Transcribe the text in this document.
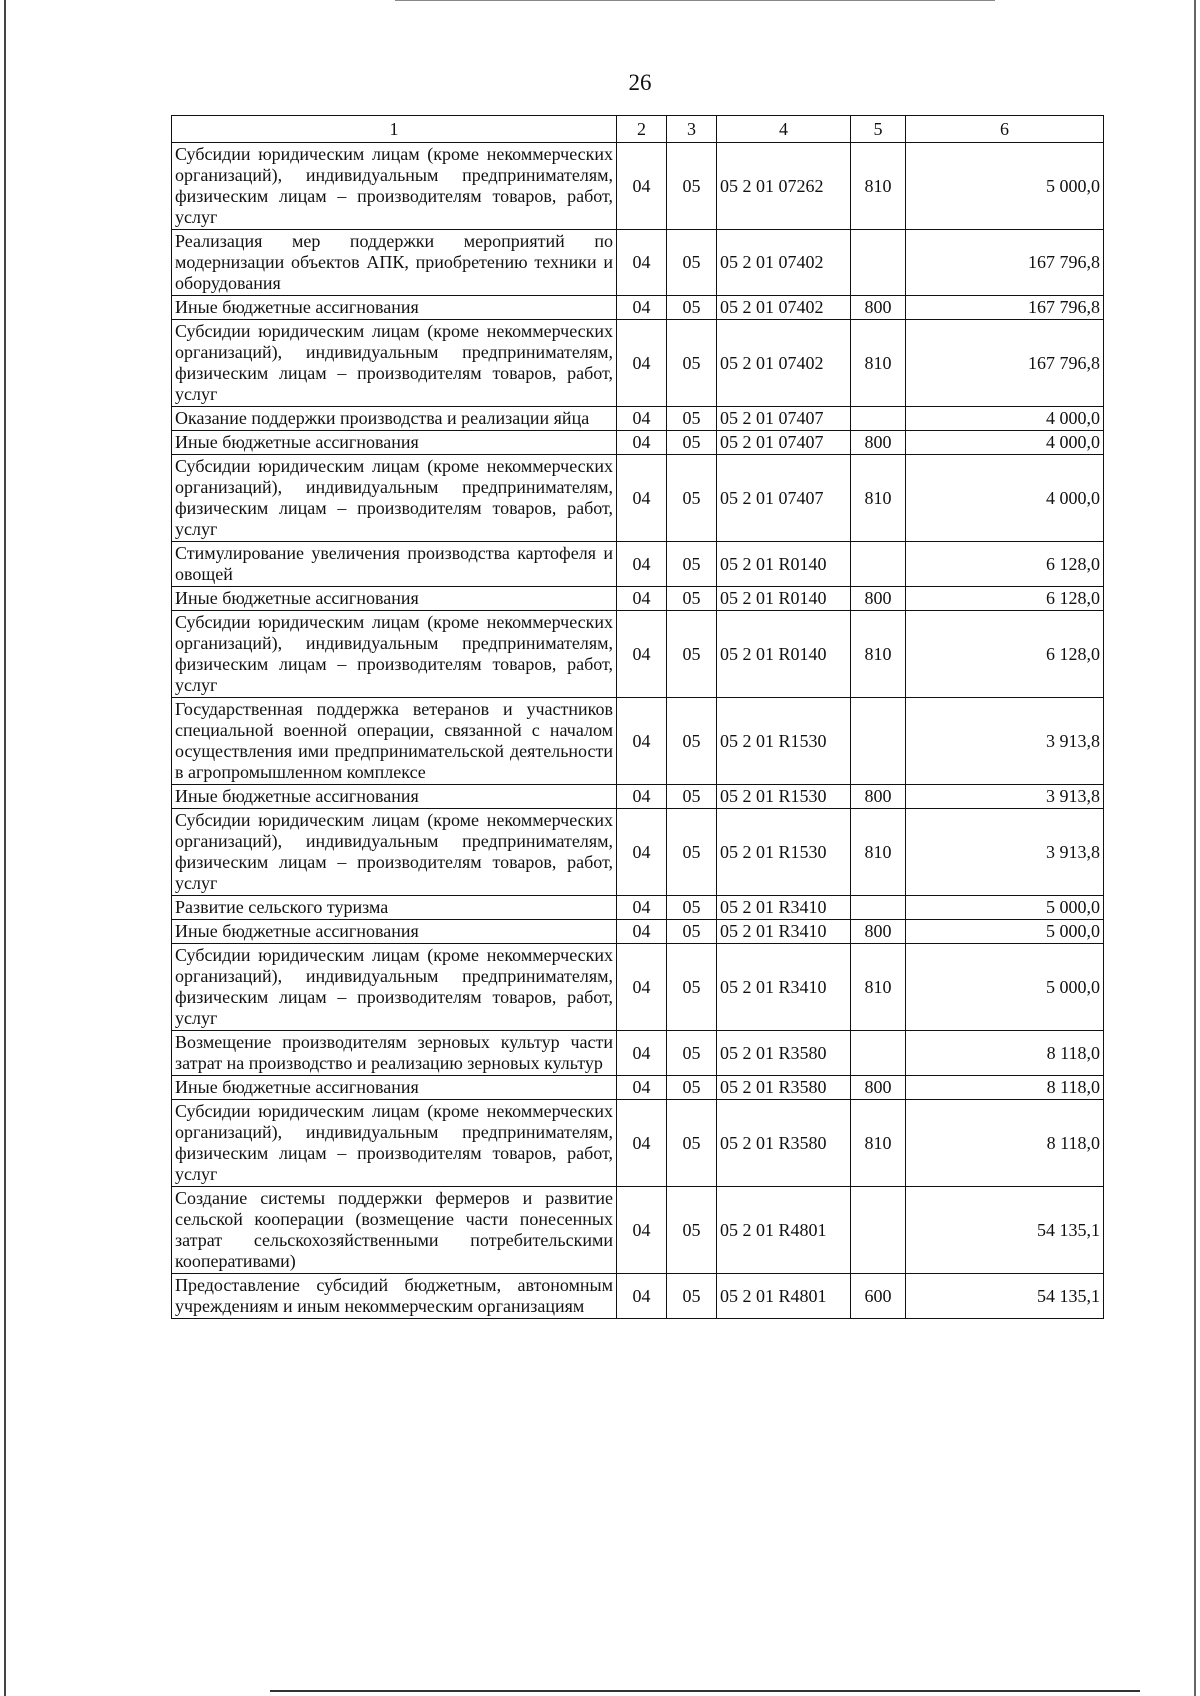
26
1	2	3	4	5	6
Субсидии юридическим лицам (кроме некоммерческих организаций), индивидуальным предпринимателям, физическим лицам – производителям товаров, работ, услуг	04	05	05 2 01 07262	810	5 000,0
Реализация мер поддержки мероприятий по модернизации объектов АПК, приобретению техники и оборудования	04	05	05 2 01 07402		167 796,8
Иные бюджетные ассигнования	04	05	05 2 01 07402	800	167 796,8
Субсидии юридическим лицам (кроме некоммерческих организаций), индивидуальным предпринимателям, физическим лицам – производителям товаров, работ, услуг	04	05	05 2 01 07402	810	167 796,8
Оказание поддержки производства и реализации яйца	04	05	05 2 01 07407		4 000,0
Иные бюджетные ассигнования	04	05	05 2 01 07407	800	4 000,0
Субсидии юридическим лицам (кроме некоммерческих организаций), индивидуальным предпринимателям, физическим лицам – производителям товаров, работ, услуг	04	05	05 2 01 07407	810	4 000,0
Стимулирование увеличения производства картофеля и овощей	04	05	05 2 01 R0140		6 128,0
Иные бюджетные ассигнования	04	05	05 2 01 R0140	800	6 128,0
Субсидии юридическим лицам (кроме некоммерческих организаций), индивидуальным предпринимателям, физическим лицам – производителям товаров, работ, услуг	04	05	05 2 01 R0140	810	6 128,0
Государственная поддержка ветеранов и участников специальной военной операции, связанной с началом осуществления ими предпринимательской деятельности в агропромышленном комплексе	04	05	05 2 01 R1530		3 913,8
Иные бюджетные ассигнования	04	05	05 2 01 R1530	800	3 913,8
Субсидии юридическим лицам (кроме некоммерческих организаций), индивидуальным предпринимателям, физическим лицам – производителям товаров, работ, услуг	04	05	05 2 01 R1530	810	3 913,8
Развитие сельского туризма	04	05	05 2 01 R3410		5 000,0
Иные бюджетные ассигнования	04	05	05 2 01 R3410	800	5 000,0
Субсидии юридическим лицам (кроме некоммерческих организаций), индивидуальным предпринимателям, физическим лицам – производителям товаров, работ, услуг	04	05	05 2 01 R3410	810	5 000,0
Возмещение производителям зерновых культур части затрат на производство и реализацию зерновых культур	04	05	05 2 01 R3580		8 118,0
Иные бюджетные ассигнования	04	05	05 2 01 R3580	800	8 118,0
Субсидии юридическим лицам (кроме некоммерческих организаций), индивидуальным предпринимателям, физическим лицам – производителям товаров, работ, услуг	04	05	05 2 01 R3580	810	8 118,0
Создание системы поддержки фермеров и развитие сельской кооперации (возмещение части понесенных затрат сельскохозяйственными потребительскими кооперативами)	04	05	05 2 01 R4801		54 135,1
Предоставление субсидий бюджетным, автономным учреждениям и иным некоммерческим организациям	04	05	05 2 01 R4801	600	54 135,1
